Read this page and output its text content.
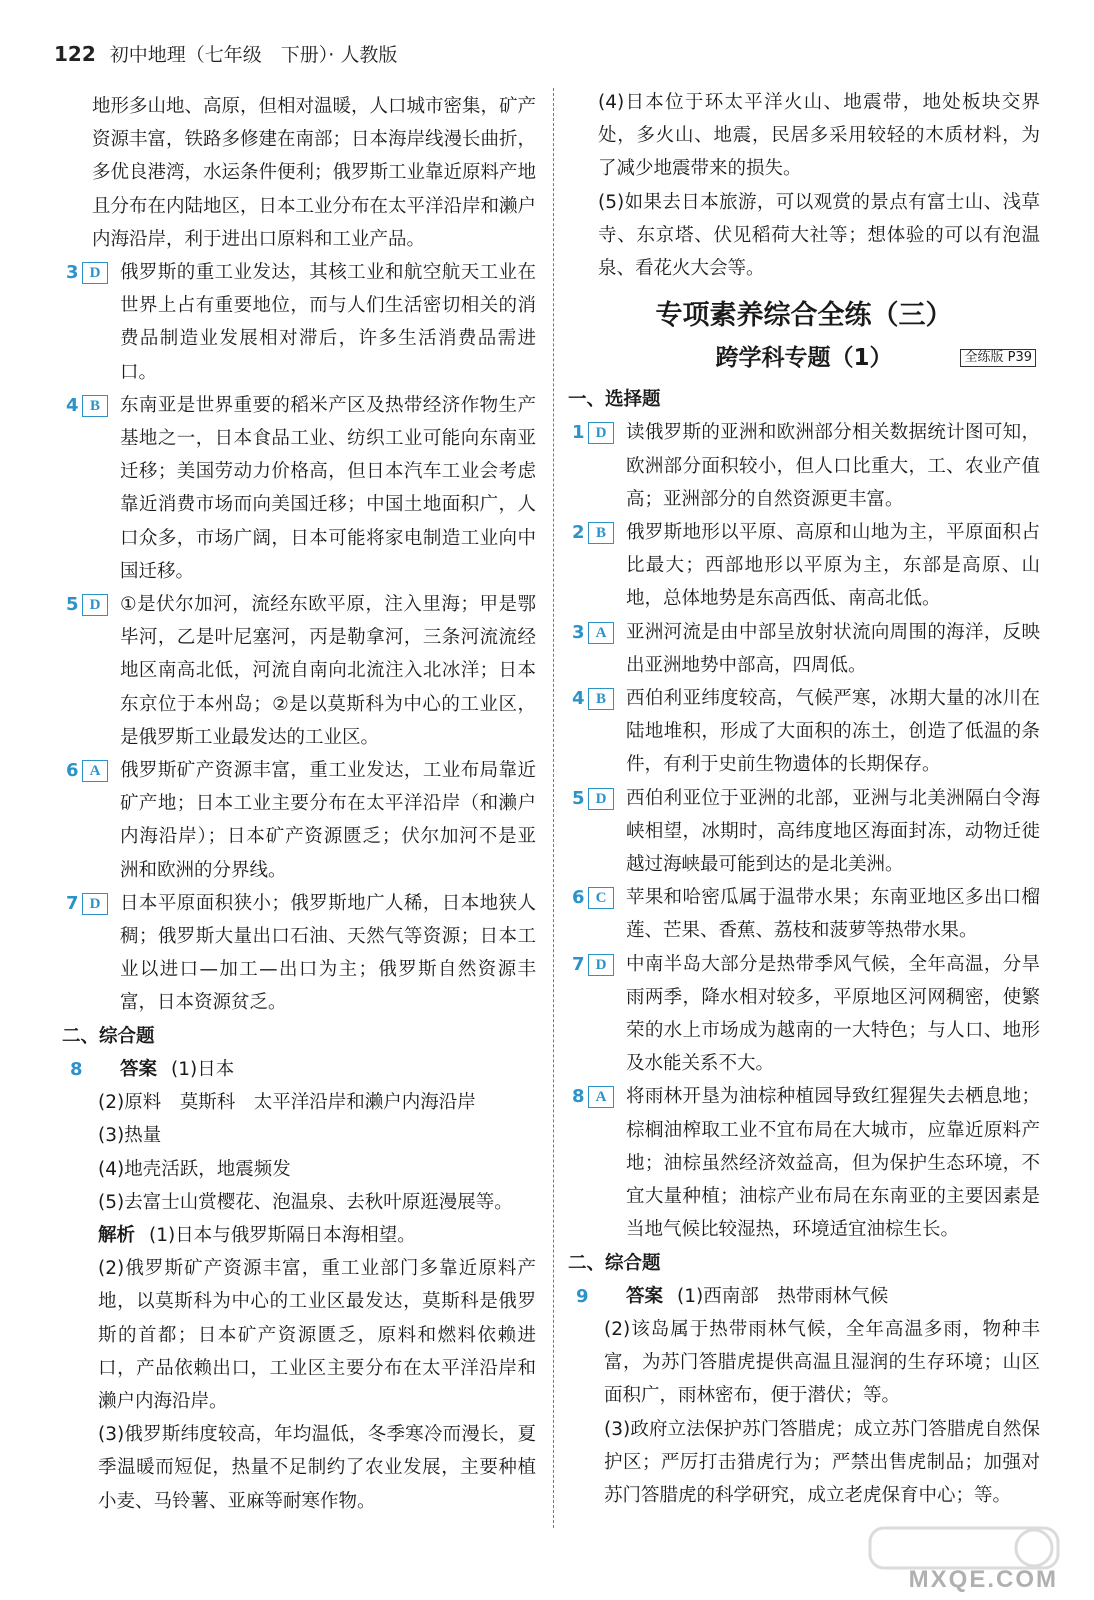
122 初中地理（七年级　下册）· 人教版

地形多山地、高原，但相对温暖，人口城市密集，矿产资源丰富，铁路多修建在南部；日本海岸线漫长曲折，多优良港湾，水运条件便利；俄罗斯工业靠近原料产地且分布在内陆地区，日本工业分布在太平洋沿岸和濑户内海沿岸，利于进出口原料和工业产品。

3 D	俄罗斯的重工业发达，其核工业和航空航天工业在世界上占有重要地位，而与人们生活密切相关的消费品制造业发展相对滞后，许多生活消费品需进口。

4 B	东南亚是世界重要的稻米产区及热带经济作物生产基地之一，日本食品工业、纺织工业可能向东南亚迁移；美国劳动力价格高，但日本汽车工业会考虑靠近消费市场而向美国迁移；中国土地面积广，人口众多，市场广阔，日本可能将家电制造工业向中国迁移。

5 D	①是伏尔加河，流经东欧平原，注入里海；甲是鄂毕河，乙是叶尼塞河，丙是勒拿河，三条河流流经地区南高北低，河流自南向北流注入北冰洋；日本东京位于本州岛；②是以莫斯科为中心的工业区，是俄罗斯工业最发达的工业区。

6 A	俄罗斯矿产资源丰富，重工业发达，工业布局靠近矿产地；日本工业主要分布在太平洋沿岸（和濑户内海沿岸）；日本矿产资源匮乏；伏尔加河不是亚洲和欧洲的分界线。

7 D	日本平原面积狭小；俄罗斯地广人稀，日本地狭人稠；俄罗斯大量出口石油、天然气等资源；日本工业以进口—加工—出口为主；俄罗斯自然资源丰富，日本资源贫乏。

二、综合题

8 答案 (1)日本

(2)原料　莫斯科　太平洋沿岸和濑户内海沿岸

(3)热量

(4)地壳活跃，地震频发

(5)去富士山赏樱花、泡温泉、去秋叶原逛漫展等。

解析 (1)日本与俄罗斯隔日本海相望。

(2)俄罗斯矿产资源丰富，重工业部门多靠近原料产地，以莫斯科为中心的工业区最发达，莫斯科是俄罗斯的首都；日本矿产资源匮乏，原料和燃料依赖进口，产品依赖出口，工业区主要分布在太平洋沿岸和濑户内海沿岸。

(3)俄罗斯纬度较高，年均温低，冬季寒冷而漫长，夏季温暖而短促，热量不足制约了农业发展，主要种植小麦、马铃薯、亚麻等耐寒作物。

(4)日本位于环太平洋火山、地震带，地处板块交界处，多火山、地震，民居多采用较轻的木质材料，为了减少地震带来的损失。

(5)如果去日本旅游，可以观赏的景点有富士山、浅草寺、东京塔、伏见稻荷大社等；想体验的可以有泡温泉、看花火大会等。

专项素养综合全练（三）

跨学科专题（1）	全练版 P39

一、选择题

1 D	读俄罗斯的亚洲和欧洲部分相关数据统计图可知，欧洲部分面积较小，但人口比重大，工、农业产值高；亚洲部分的自然资源更丰富。

2 B	俄罗斯地形以平原、高原和山地为主，平原面积占比最大；西部地形以平原为主，东部是高原、山地，总体地势是东高西低、南高北低。

3 A	亚洲河流是由中部呈放射状流向周围的海洋，反映出亚洲地势中部高，四周低。

4 B	西伯利亚纬度较高，气候严寒，冰期大量的冰川在陆地堆积，形成了大面积的冻土，创造了低温的条件，有利于史前生物遗体的长期保存。

5 D	西伯利亚位于亚洲的北部，亚洲与北美洲隔白令海峡相望，冰期时，高纬度地区海面封冻，动物迁徙越过海峡最可能到达的是北美洲。

6 C	苹果和哈密瓜属于温带水果；东南亚地区多出口榴莲、芒果、香蕉、荔枝和菠萝等热带水果。

7 D	中南半岛大部分是热带季风气候，全年高温，分旱雨两季，降水相对较多，平原地区河网稠密，使繁荣的水上市场成为越南的一大特色；与人口、地形及水能关系不大。

8 A	将雨林开垦为油棕种植园导致红猩猩失去栖息地；棕榈油榨取工业不宜布局在大城市，应靠近原料产地；油棕虽然经济效益高，但为保护生态环境，不宜大量种植；油棕产业布局在东南亚的主要因素是当地气候比较湿热，环境适宜油棕生长。

二、综合题

9 答案 (1)西南部　热带雨林气候

(2)该岛属于热带雨林气候，全年高温多雨，物种丰富，为苏门答腊虎提供高温且湿润的生存环境；山区面积广，雨林密布，便于潜伏；等。

(3)政府立法保护苏门答腊虎；成立苏门答腊虎自然保护区；严厉打击猎虎行为；严禁出售虎制品；加强对苏门答腊虎的科学研究，成立老虎保育中心；等。

MXQE.COM
